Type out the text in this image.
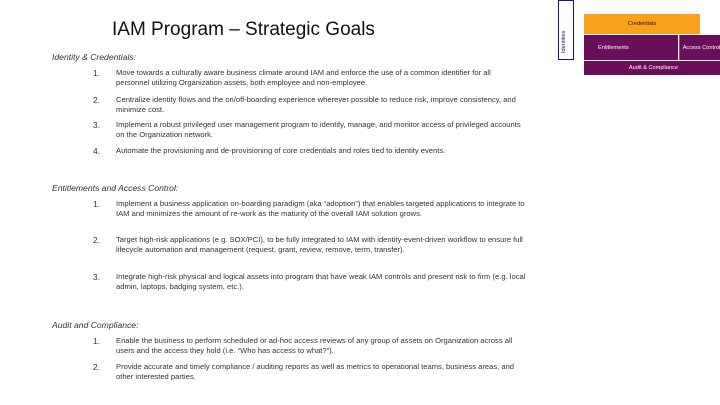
IAM Program – Strategic Goals
Identities
Credentials
Entitlements	Access Control
Audit & Compliance
Identity & Credentials:
1. Move towards a culturally aware business climate around IAM and enforce the use of a common identifier for all personnel utilizing Organization assets, both employee and non-employee.
2. Centralize identity flows and the on/off-boarding experience wherever possible to reduce risk, improve consistency, and minimize cost.
3. Implement a robust privileged user management program to identify, manage, and monitor access of privileged accounts on the Organization network.
4. Automate the provisioning and de-provisioning of core credentials and roles tied to identity events.
Entitlements and Access Control:
1. Implement a business application on-boarding paradigm (aka “adoption”) that enables targeted applications to integrate to IAM and minimizes the amount of re-work as the maturity of the overall IAM solution grows.
2. Target high-risk applications (e.g. SOX/PCI), to be fully integrated to IAM with identity-event-driven workflow to ensure full lifecycle automation and management (request, grant, review, remove, term, transfer).
3. Integrate high-risk physical and logical assets into program that have weak IAM controls and present risk to firm (e.g. local admin, laptops, badging system, etc.).
Audit and Compliance:
1. Enable the business to perform scheduled or ad-hoc access reviews of any group of assets on Organization across all users and the access they hold (i.e. “Who has access to what?”).
2. Provide accurate and timely compliance / auditing reports as well as metrics to operational teams, business areas, and other interested parties.
